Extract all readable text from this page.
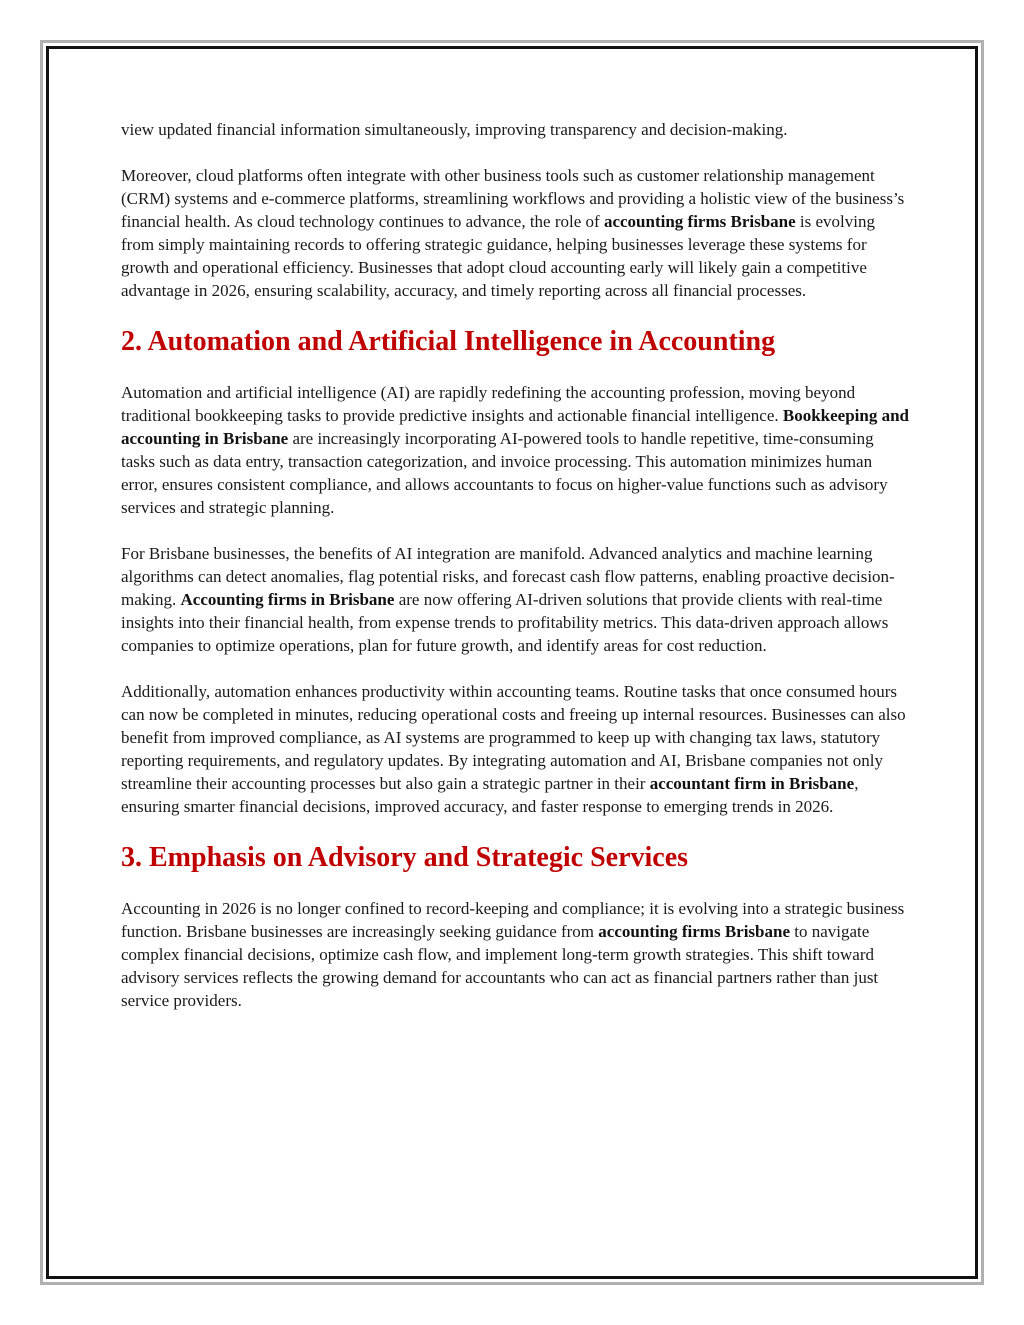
view updated financial information simultaneously, improving transparency and decision-making.

Moreover, cloud platforms often integrate with other business tools such as customer relationship management (CRM) systems and e-commerce platforms, streamlining workflows and providing a holistic view of the business’s financial health. As cloud technology continues to advance, the role of accounting firms Brisbane is evolving from simply maintaining records to offering strategic guidance, helping businesses leverage these systems for growth and operational efficiency. Businesses that adopt cloud accounting early will likely gain a competitive advantage in 2026, ensuring scalability, accuracy, and timely reporting across all financial processes.

2. Automation and Artificial Intelligence in Accounting

Automation and artificial intelligence (AI) are rapidly redefining the accounting profession, moving beyond traditional bookkeeping tasks to provide predictive insights and actionable financial intelligence. Bookkeeping and accounting in Brisbane are increasingly incorporating AI-powered tools to handle repetitive, time-consuming tasks such as data entry, transaction categorization, and invoice processing. This automation minimizes human error, ensures consistent compliance, and allows accountants to focus on higher-value functions such as advisory services and strategic planning.

For Brisbane businesses, the benefits of AI integration are manifold. Advanced analytics and machine learning algorithms can detect anomalies, flag potential risks, and forecast cash flow patterns, enabling proactive decision-making. Accounting firms in Brisbane are now offering AI-driven solutions that provide clients with real-time insights into their financial health, from expense trends to profitability metrics. This data-driven approach allows companies to optimize operations, plan for future growth, and identify areas for cost reduction.

Additionally, automation enhances productivity within accounting teams. Routine tasks that once consumed hours can now be completed in minutes, reducing operational costs and freeing up internal resources. Businesses can also benefit from improved compliance, as AI systems are programmed to keep up with changing tax laws, statutory reporting requirements, and regulatory updates. By integrating automation and AI, Brisbane companies not only streamline their accounting processes but also gain a strategic partner in their accountant firm in Brisbane, ensuring smarter financial decisions, improved accuracy, and faster response to emerging trends in 2026.

3. Emphasis on Advisory and Strategic Services

Accounting in 2026 is no longer confined to record-keeping and compliance; it is evolving into a strategic business function. Brisbane businesses are increasingly seeking guidance from accounting firms Brisbane to navigate complex financial decisions, optimize cash flow, and implement long-term growth strategies. This shift toward advisory services reflects the growing demand for accountants who can act as financial partners rather than just service providers.
